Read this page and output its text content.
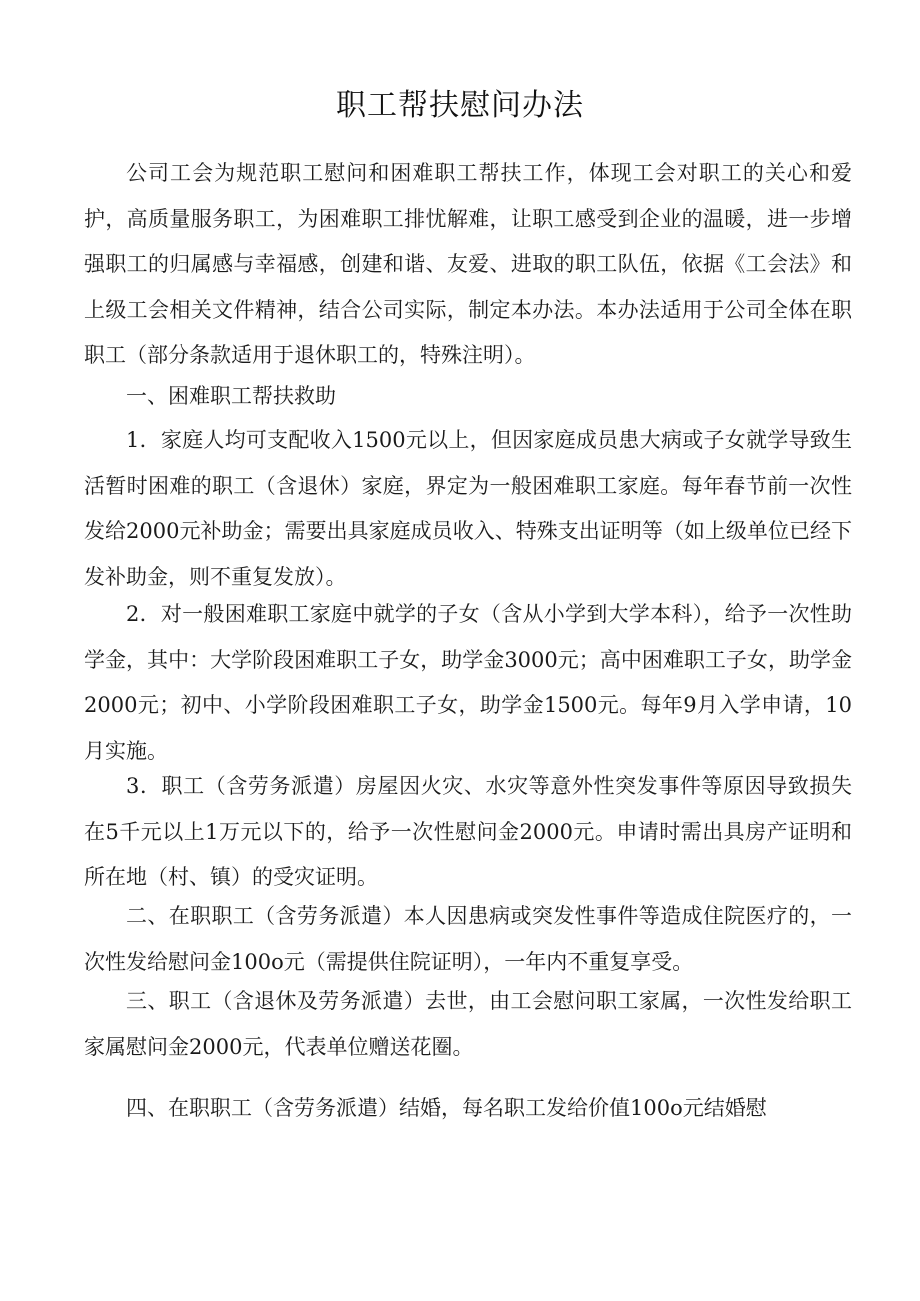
职工帮扶慰问办法

公司工会为规范职工慰问和困难职工帮扶工作，体现工会对职工的关心和爱护，高质量服务职工，为困难职工排忧解难，让职工感受到企业的温暖，进一步增强职工的归属感与幸福感，创建和谐、友爱、进取的职工队伍，依据《工会法》和上级工会相关文件精神，结合公司实际，制定本办法。本办法适用于公司全体在职职工（部分条款适用于退休职工的，特殊注明）。

一、困难职工帮扶救助

1．家庭人均可支配收入1500元以上，但因家庭成员患大病或子女就学导致生活暂时困难的职工（含退休）家庭，界定为一般困难职工家庭。每年春节前一次性发给2000元补助金；需要出具家庭成员收入、特殊支出证明等（如上级单位已经下发补助金，则不重复发放）。

2．对一般困难职工家庭中就学的子女（含从小学到大学本科），给予一次性助学金，其中：大学阶段困难职工子女，助学金3000元；高中困难职工子女，助学金2000元；初中、小学阶段困难职工子女，助学金1500元。每年9月入学申请，10月实施。

3．职工（含劳务派遣）房屋因火灾、水灾等意外性突发事件等原因导致损失在5千元以上1万元以下的，给予一次性慰问金2000元。申请时需出具房产证明和所在地（村、镇）的受灾证明。

二、在职职工（含劳务派遣）本人因患病或突发性事件等造成住院医疗的，一次性发给慰问金100o元（需提供住院证明），一年内不重复享受。

三、职工（含退休及劳务派遣）去世，由工会慰问职工家属，一次性发给职工家属慰问金2000元，代表单位赠送花圈。

四、在职职工（含劳务派遣）结婚，每名职工发给价值100o元结婚慰
